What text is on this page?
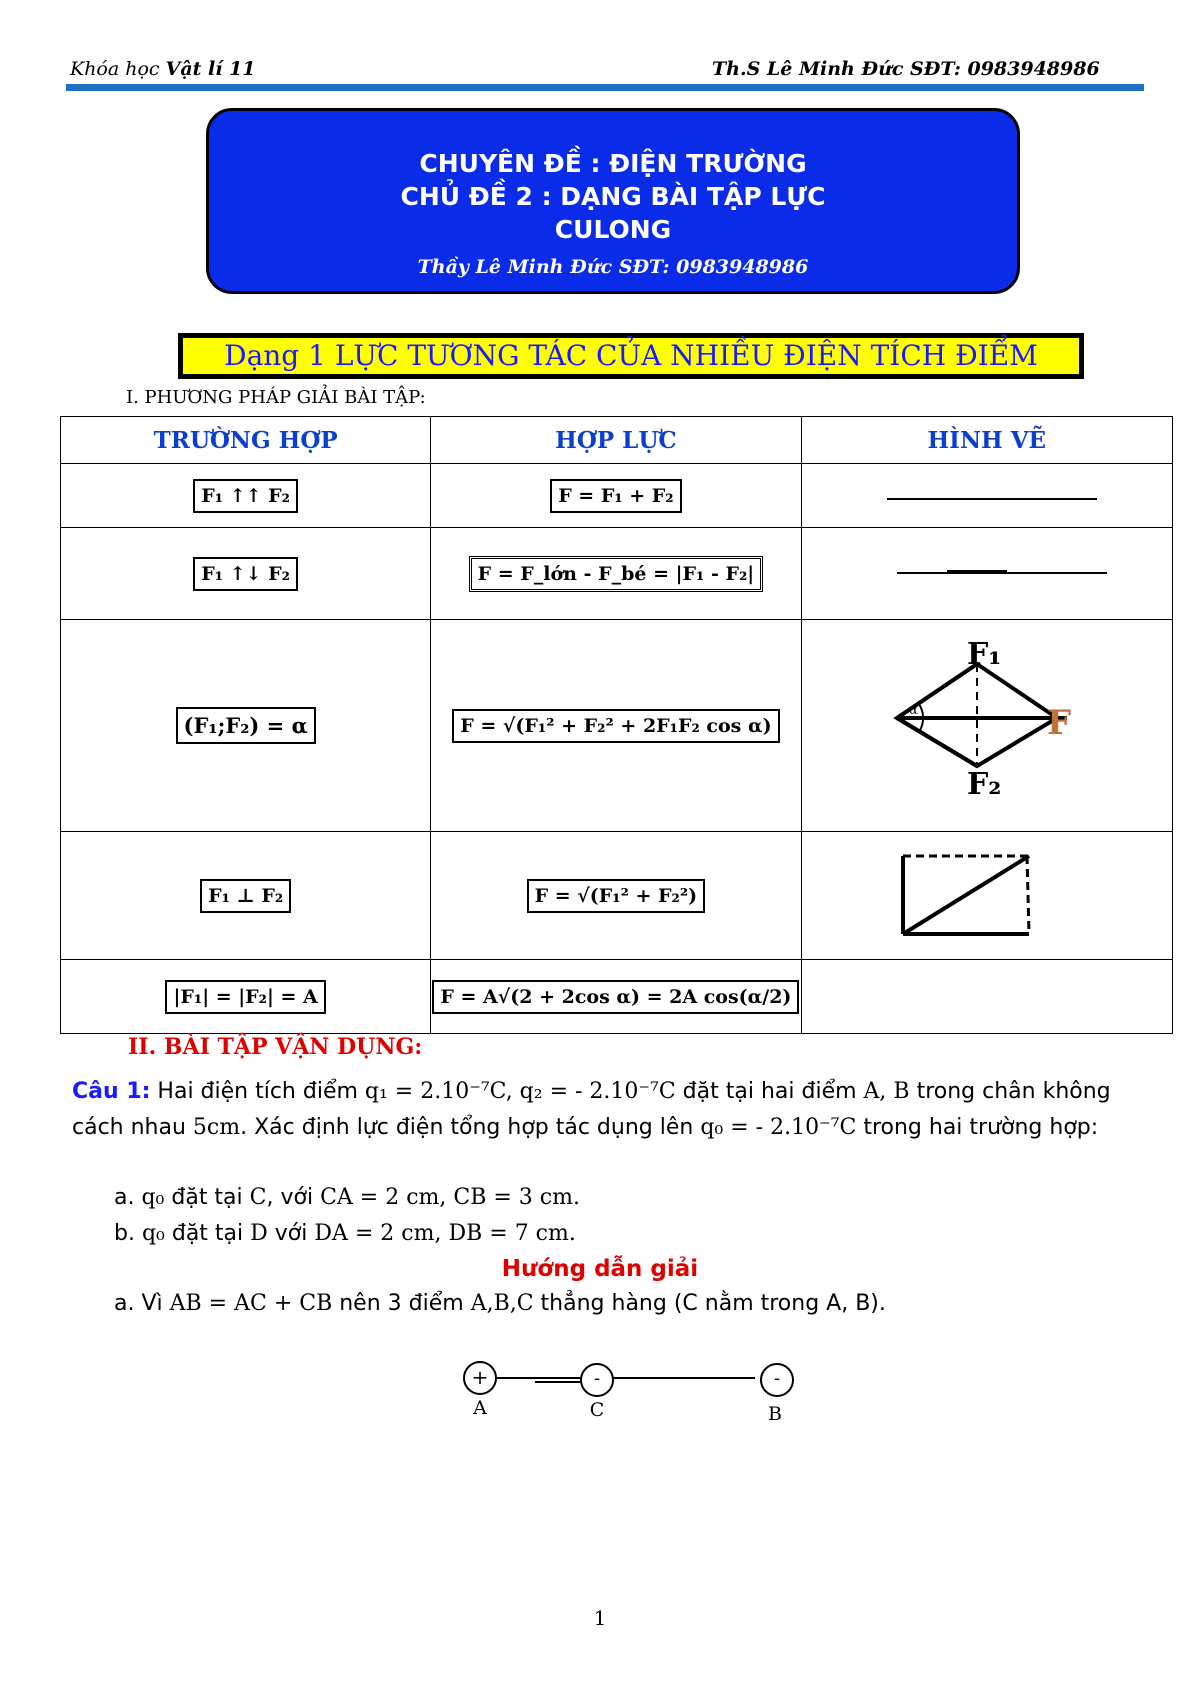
Khóa học Vật lí 11	Th.S Lê Minh Đức SĐT: 0983948986
CHUYÊN ĐỀ : ĐIỆN TRƯỜNG
CHỦ ĐỀ 2 : DẠNG BÀI TẬP LỰC
CULONG
Thầy Lê Minh Đức SĐT: 0983948986
Dạng 1 LỰC TƯƠNG TÁC CỦA NHIỀU ĐIỆN TÍCH ĐIỂM
I. PHƯƠNG PHÁP GIẢI BÀI TẬP:
TRƯỜNG HỢP	HỢP LỰC	HÌNH VẼ
F₁ ↑↑ F₂	F = F₁ + F₂	
F₁ ↑↓ F₂	F = F_lớn - F_bé = |F₁ - F₂|	
(F₁;F₂) = α	F = √(F₁² + F₂² + 2F₁F₂ cos α)	α
F₁
F₂
F

F₁ ⊥ F₂	F = √(F₁² + F₂²)	
|F₁| = |F₂| = A	F = A√(2 + 2cos α) = 2A cos(α/2)	
II. BÀI TẬP VẬN DỤNG:
Câu 1: Hai điện tích điểm q₁ = 2.10⁻⁷C, q₂ = - 2.10⁻⁷C đặt tại hai điểm A, B trong chân không cách nhau 5cm. Xác định lực điện tổng hợp tác dụng lên q₀ = - 2.10⁻⁷C trong hai trường hợp:
a. q₀ đặt tại C, với CA = 2 cm, CB = 3 cm.
b. q₀ đặt tại D với DA = 2 cm, DB = 7 cm.
Hướng dẫn giải
a. Vì AB = AC + CB nên 3 điểm A,B,C thẳng hàng (C nằm trong A, B).
+	-	-
A	C	B
1
